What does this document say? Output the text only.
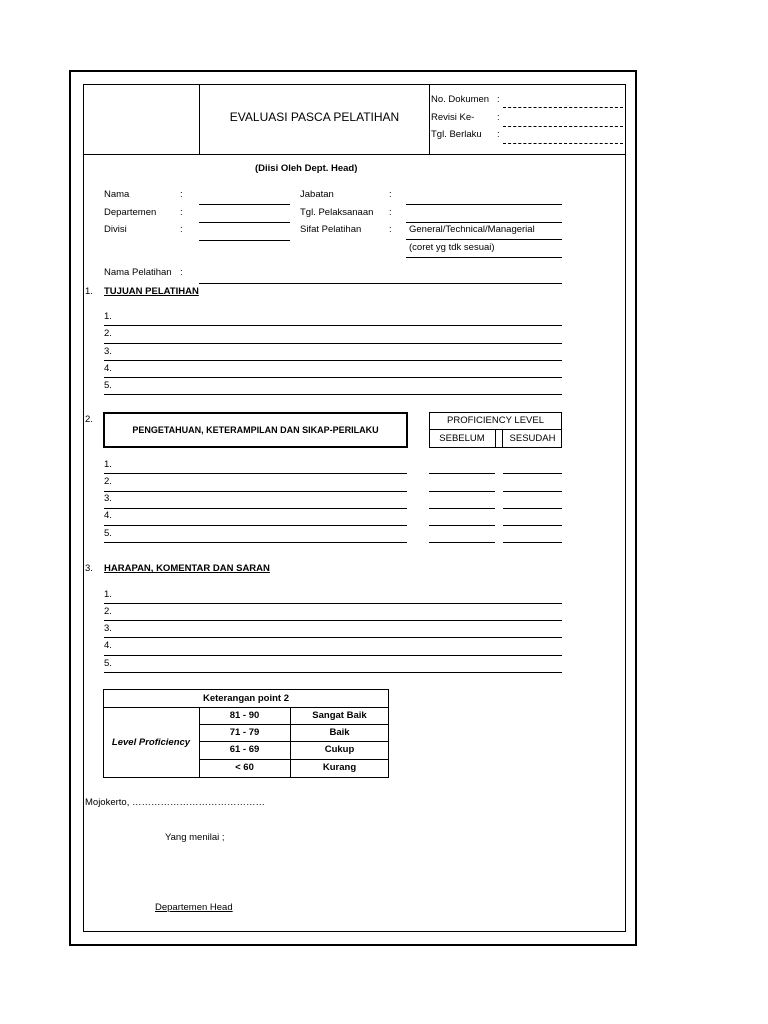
EVALUASI PASCA PELATIHAN
No. Dokumen :
Revisi Ke- :
Tgl. Berlaku :
(Diisi Oleh Dept. Head)
Nama	:
Departemen :
Divisi	:
Jabatan	:
Tgl. Pelaksanaan :
Sifat Pelatihan	: General/Technical/Managerial
(coret yg tdk sesuai)
Nama Pelatihan :
1. TUJUAN PELATIHAN
1.
2.
3.
4.
5.
2.
PENGETAHUAN, KETERAMPILAN DAN SIKAP-PERILAKU
PROFICIENCY LEVEL
SEBELUM	SESUDAH
1.
2.
3.
4.
5.
3. HARAPAN, KOMENTAR DAN SARAN
1.
2.
3.
4.
5.
Keterangan point 2
Level Proficiency
81 - 90	Sangat Baik
71 - 79	Baik
61 - 69	Cukup
< 60	Kurang
Mojokerto, ……………………………………
Yang menilai ;
Departemen Head
